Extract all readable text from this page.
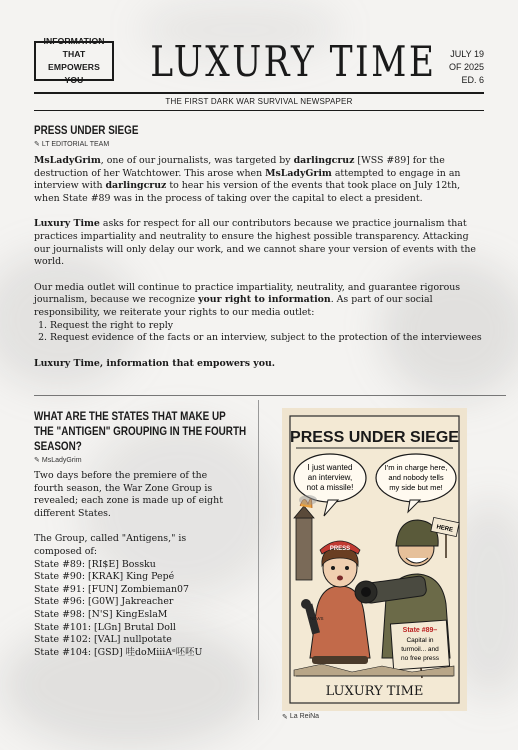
INFORMATION THAT EMPOWERS YOU	LUXURY TIME JULY 19
OF 2025
ED. 6
THE FIRST DARK WAR SURVIVAL NEWSPAPER
PRESS UNDER SIEGE
✎ LT EDITORIAL TEAM

MsLadyGrim, one of our journalists, was targeted by darlingcruz [WSS #89] for the destruction of her Watchtower. This arose when MsLadyGrim attempted to engage in an interview with darlingcruz to hear his version of the events that took place on July 12th, when State #89 was in the process of taking over the capital to elect a president.

Luxury Time asks for respect for all our contributors because we practice journalism that practices impartiality and neutrality to ensure the highest possible transparency. Attacking our journalists will only delay our work, and we cannot share your version of events with the world.

Our media outlet will continue to practice impartiality, neutrality, and guarantee rigorous journalism, because we recognize your right to information. As part of our social responsibility, we reiterate your rights to our media outlet:

1. Request the right to reply
2. Request evidence of the facts or an interview, subject to the protection of the interviewees

Luxury Time, information that empowers you.

WHAT ARE THE STATES THAT MAKE UP
THE "ANTIGEN" GROUPING IN THE FOURTH
SEASON?
✎ MsLadyGrim

Two days before the premiere of the fourth season, the War Zone Group is revealed; each zone is made up of eight different States.

The Group, called "Antigens," is composed of:

State #89: [RI$E] Bossku

State #90: [KRAK] King Pepé

State #91: [FUN] Zombieman07

State #96: [G0W] Jakreacher

State #98: [N'S] KingEslaM

State #101: [LGn] Brutal Doll

State #102: [VAL] nullpotate

State #104: [GSD] 哇doMiiiAᵉ呸呸U

PRESS UNDER SIEGE
I just wanted
an interview,
not a missile!
I'm in charge here,
and nobody tells
my side but me!
PRESS
NEWS
HERE
State #89–
Capital in
turmoil... and
no free press
LUXURY TIME
✎ La ReiNa
